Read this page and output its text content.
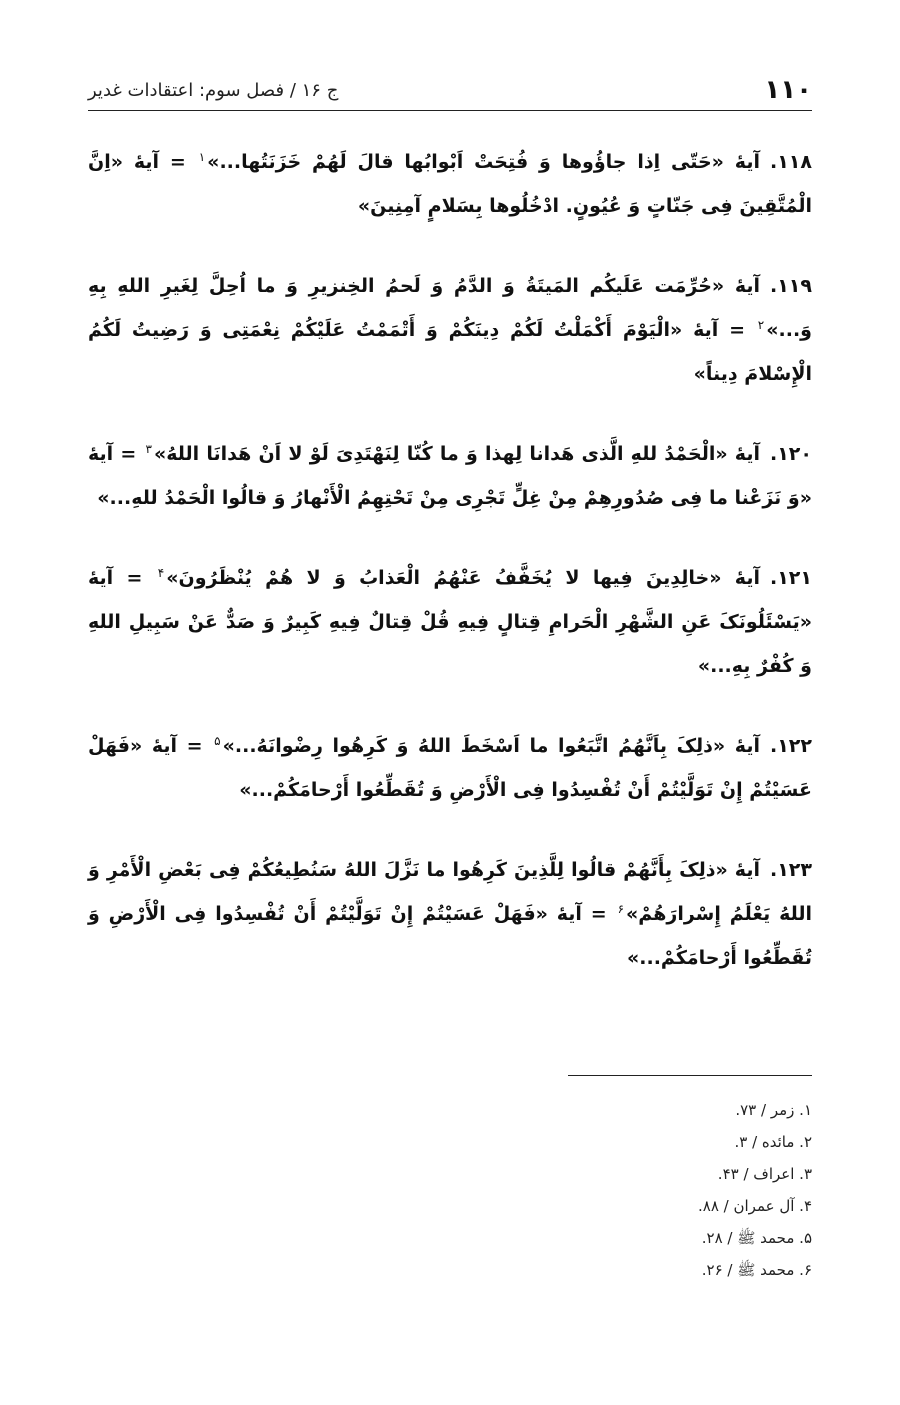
۱۱۰
ج ۱۶ / فصل سوم: اعتقادات غدیر

۱۱۸.آیهٔ «حَتّی اِذا جاؤُوها وَ فُتِحَتْ اَبْوابُها قالَ لَهُمْ خَزَنَتُها...»$^۱$ = آیهٔ «اِنَّ الْمُتَّقِینَ فِی جَنّاتٍ وَ عُیُونٍ. ادْخُلُوها بِسَلامٍ آمِنِینَ»

۱۱۹.آیهٔ «حُرِّمَت عَلَیکُم المَیتَةُ وَ الدَّمُ وَ لَحمُ الخِنزیرِ وَ ما اُحِلَّ لِغَیرِ اللهِ بِهِ وَ...»$^۲$ = آیهٔ «الْیَوْمَ أَکْمَلْتُ لَکُمْ دِینَکُمْ وَ أَتْمَمْتُ عَلَیْکُمْ نِعْمَتِی وَ رَضِیتُ لَکُمُ الْإِسْلامَ دِیناً»

۱۲۰.آیهٔ «الْحَمْدُ للهِ الَّذی هَدانا لِهذا وَ ما کُنّا لِنَهْتَدِیَ لَوْ لا اَنْ هَدانَا اللهُ»$^۳$ = آیهٔ «وَ نَزَعْنا ما فِی صُدُورِهِمْ مِنْ غِلٍّ تَجْرِی مِنْ تَحْتِهِمُ الْأَنْهارُ وَ قالُوا الْحَمْدُ للهِ...»

۱۲۱.آیهٔ «خالِدِینَ فِیها لا یُخَفَّفُ عَنْهُمُ الْعَذابُ وَ لا هُمْ یُنْظَرُونَ»$^۴$ = آیهٔ «یَسْئَلُونَکَ عَنِ الشَّهْرِ الْحَرامِ قِتالٍ فِیهِ قُلْ قِتالٌ فِیهِ کَبِیرٌ وَ صَدٌّ عَنْ سَبِیلِ اللهِ وَ کُفْرٌ بِهِ...»

۱۲۲.آیهٔ «ذلِکَ بِاَنَّهُمُ اتَّبَعُوا ما اَسْخَطَ اللهُ وَ کَرِهُوا رِضْوانَهُ...»$^۵$ = آیهٔ «فَهَلْ عَسَیْتُمْ إِنْ تَوَلَّیْتُمْ أَنْ تُفْسِدُوا فِی الْأَرْضِ وَ تُقَطِّعُوا أَرْحامَکُمْ...»

۱۲۳.آیهٔ «ذلِکَ بِأَنَّهُمْ قالُوا لِلَّذِینَ کَرِهُوا ما نَزَّلَ اللهُ سَنُطِیعُکُمْ فِی بَعْضِ الْأَمْرِ وَ اللهُ یَعْلَمُ إِسْرارَهُمْ»$^۶$ = آیهٔ «فَهَلْ عَسَیْتُمْ إِنْ تَوَلَّیْتُمْ أَنْ تُفْسِدُوا فِی الْأَرْضِ وَ تُقَطِّعُوا أَرْحامَکُمْ...»

۱. زمر / ۷۳.
۲. مائده / ۳.
۳. اعراف / ۴۳.
۴. آل عمران / ۸۸.
۵. محمد ﷺ / ۲۸.
۶. محمد ﷺ / ۲۶.
